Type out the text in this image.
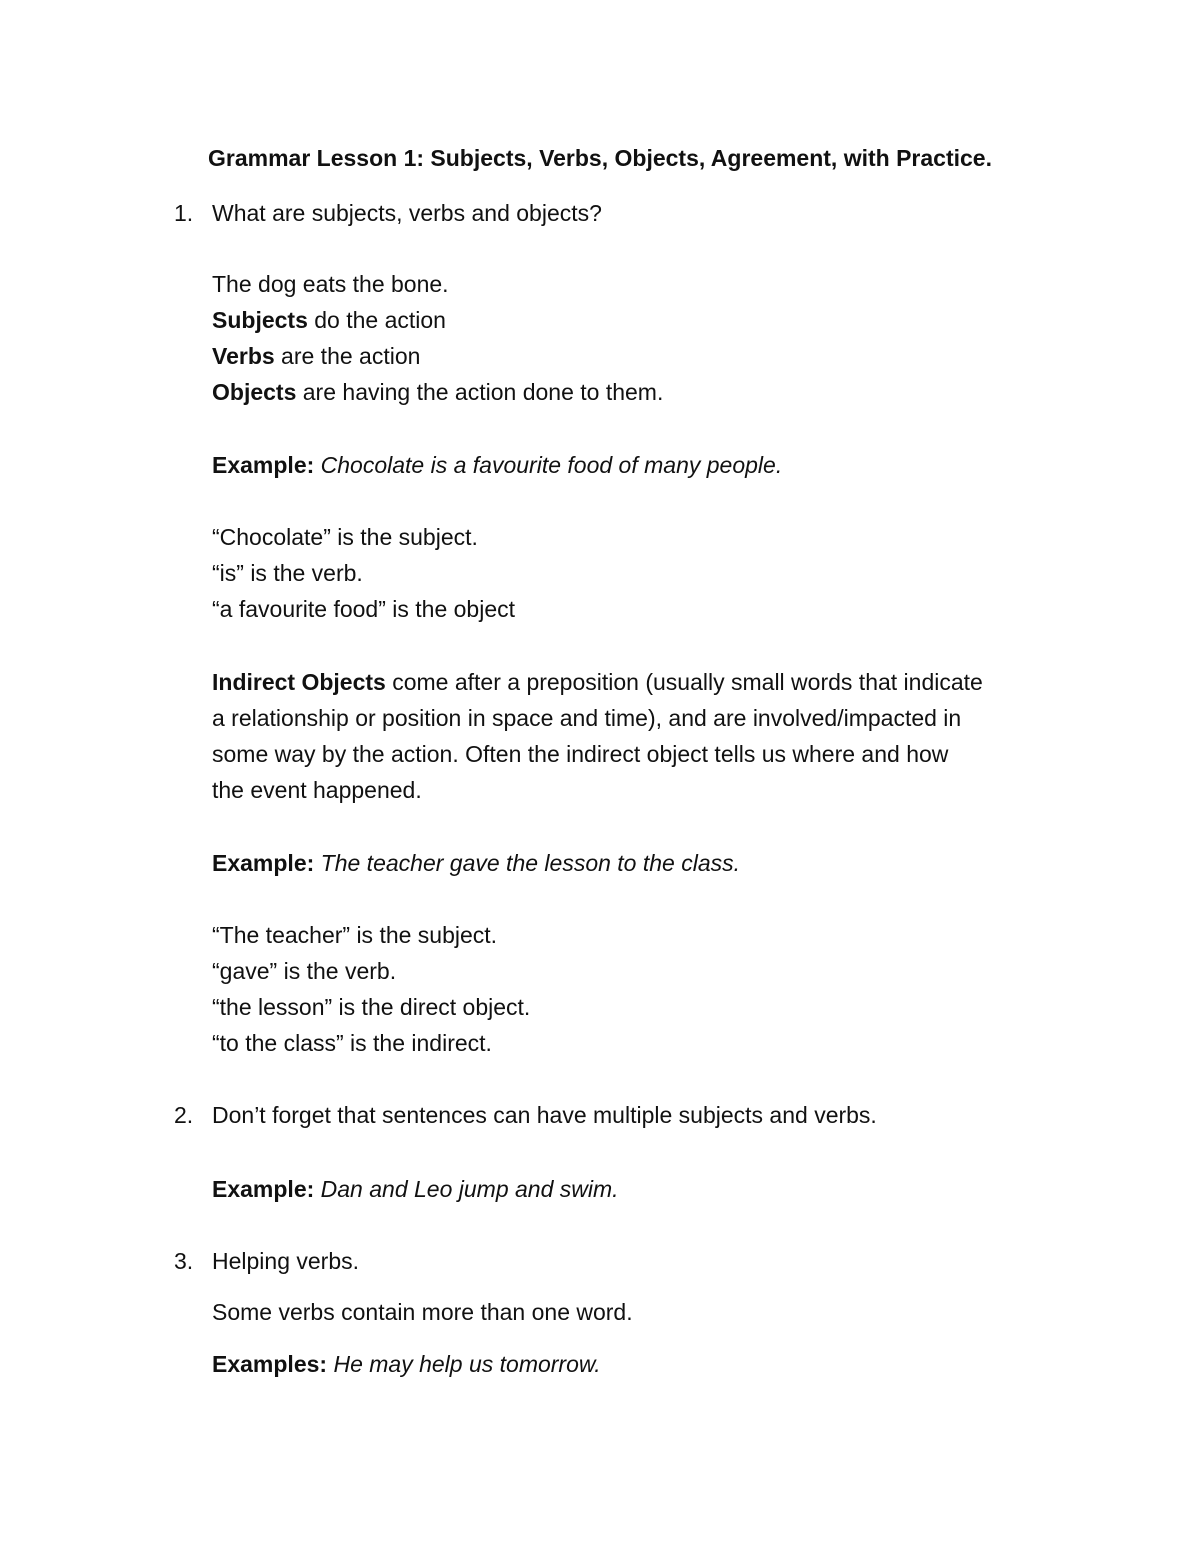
Grammar Lesson 1: Subjects, Verbs, Objects, Agreement, with Practice.
1. What are subjects, verbs and objects?
The dog eats the bone.
Subjects do the action
Verbs are the action
Objects are having the action done to them.
Example: Chocolate is a favourite food of many people.
“Chocolate” is the subject.
“is” is the verb.
“a favourite food” is the object
Indirect Objects come after a preposition (usually small words that indicate
a relationship or position in space and time), and are involved/impacted in
some way by the action. Often the indirect object tells us where and how
the event happened.
Example: The teacher gave the lesson to the class.
“The teacher” is the subject.
“gave” is the verb.
“the lesson” is the direct object.
“to the class” is the indirect.
2. Don’t forget that sentences can have multiple subjects and verbs.
Example: Dan and Leo jump and swim.
3. Helping verbs.
Some verbs contain more than one word.
Examples: He may help us tomorrow.
